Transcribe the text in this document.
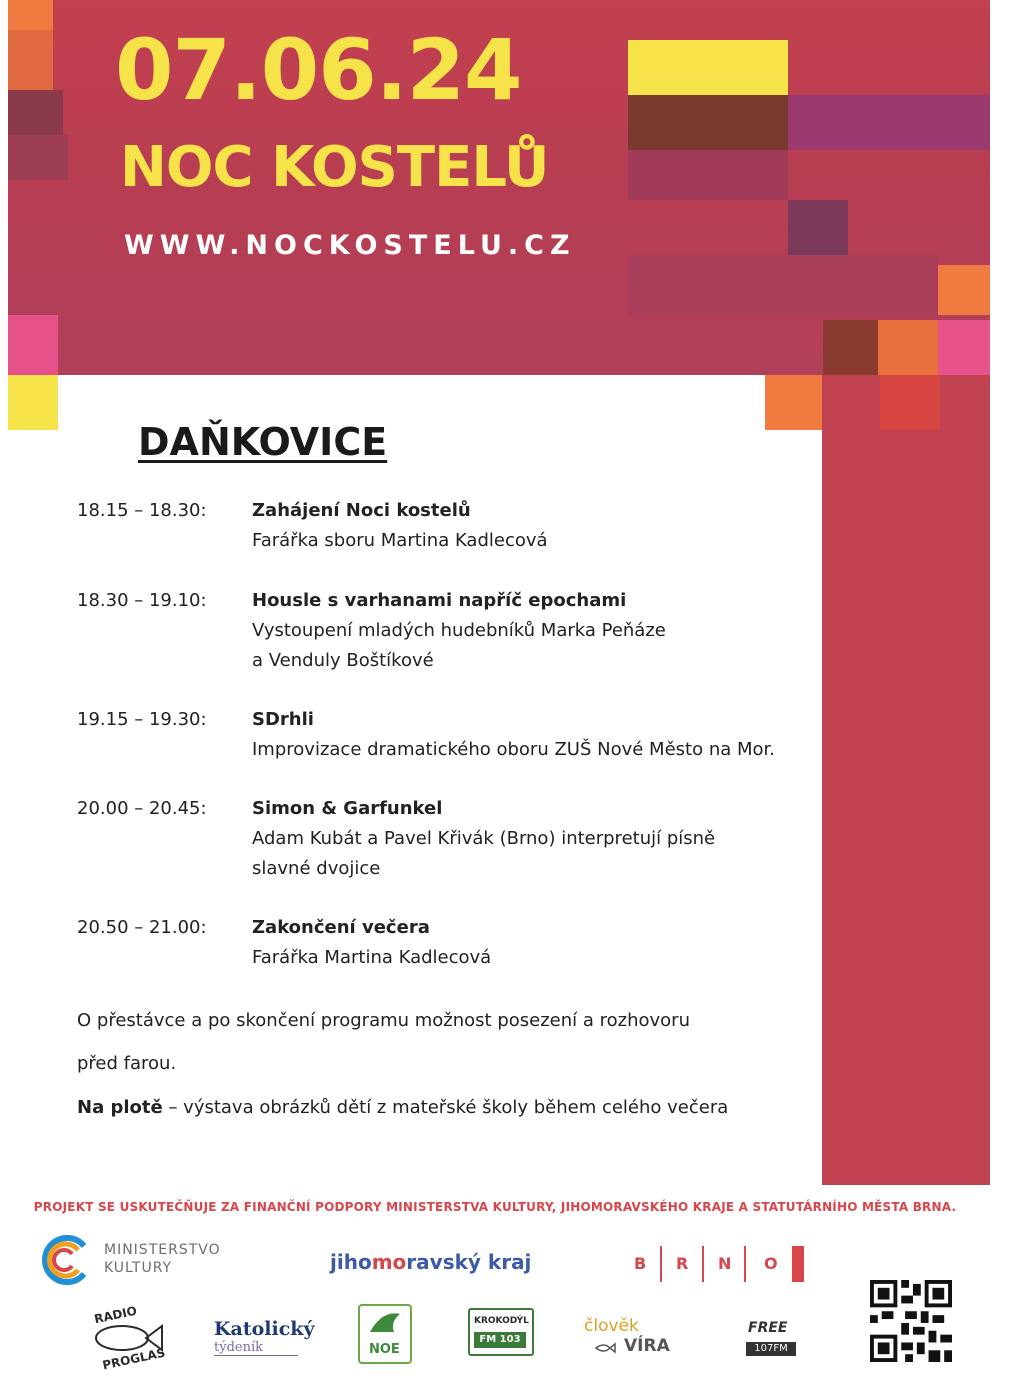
07.06.24
NOC KOSTELŮ
WWW.NOCKOSTELU.CZ
DAŇKOVICE
18.15 – 18.30:	Zahájení Noci kostelů
Farářka sboru Martina Kadlecová
18.30 – 19.10:	Housle s varhanami napříč epochami
Vystoupení mladých hudebníků Marka Peňáze
a Venduly Boštíkové
19.15 – 19.30:	SDrhli
Improvizace dramatického oboru ZUŠ Nové Město na Mor.
20.00 – 20.45:	Simon & Garfunkel
Adam Kubát a Pavel Křivák (Brno) interpretují písně
slavné dvojice
20.50 – 21.00:	Zakončení večera
Farářka Martina Kadlecová
O přestávce a po skončení programu možnost posezení a rozhovoru
před farou.
Na plotě – výstava obrázků dětí z mateřské školy během celého večera
PROJEKT SE USKUTEČŇUJE ZA FINANČNÍ PODPORY MINISTERSTVA KULTURY, JIHOMORAVSKÉHO KRAJE A STATUTÁRNÍHO MĚSTA BRNA.
MINISTERSTVO
KULTURY	jihomoravský kraj	B R N O
RADIO
PROGLAS
Katolický
týdeník	NOE
KROKODÝL
FM 103
člověk
VÍRA
FREE
107FM
